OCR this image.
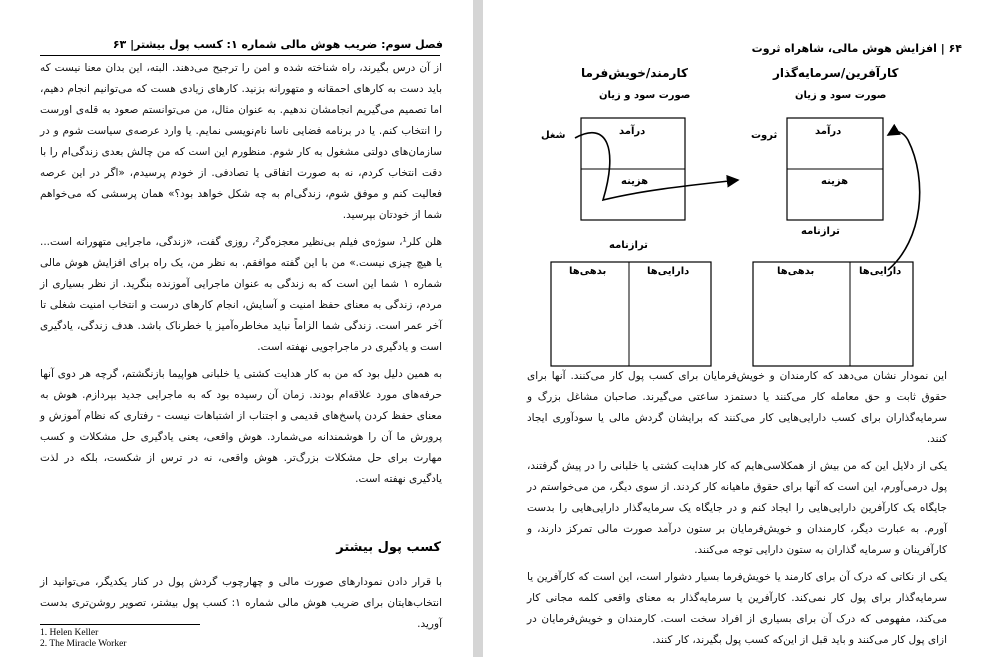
فصل سوم: ضریب هوش مالی شماره ۱: کسب پول بیشتر| ۶۳

از آن درس بگیرند، راه شناخته شده و امن را ترجیح می‌دهند. البته، این بدان معنا نیست که باید دست به کارهای احمقانه و متهورانه بزنید. کارهای زیادی هست که می‌توانیم انجام دهیم، اما تصمیم می‌گیریم انجامشان ندهیم. به عنوان مثال، من می‌توانستم صعود به قله‌ی اورست را انتخاب کنم. یا در برنامه فضایی ناسا نام‌نویسی نمایم. یا وارد عرصه‌ی سیاست شوم و در سازمان‌های دولتی مشغول به کار شوم. منظورم این است که من چالش بعدی زندگی‌ام را با دقت انتخاب کردم، نه به صورت اتفاقی یا تصادفی. از خودم پرسیدم، «اگر در این عرصه فعالیت کنم و موفق شوم، زندگی‌ام به چه شکل خواهد بود؟» همان پرسشی که می‌خواهم شما از خودتان بپرسید.

هلن کلر¹، سوژه‌ی فیلم بی‌نظیر معجزه‌گر²، روزی گفت، «زندگی، ماجرایی متهورانه است... یا هیچ چیزی نیست.» من با این گفته موافقم. به نظر من، یک راه برای افزایش هوش مالی شماره ۱ شما این است که به زندگی به عنوان ماجرایی آموزنده بنگرید. از نظر بسیاری از مردم، زندگی به معنای حفظ امنیت و آسایش، انجام کارهای درست و انتخاب امنیت شغلی تا آخر عمر است. زندگی شما الزاماً نباید مخاطره‌آمیز یا خطرناک باشد. هدف زندگی، یادگیری است و یادگیری در ماجراجویی نهفته است.

به همین دلیل بود که من به کار هدایت کشتی یا خلبانی هواپیما بازنگشتم، گرچه هر دوی آنها حرفه‌های مورد علاقه‌ام بودند. زمان آن رسیده بود که به ماجرایی جدید بپردازم. هوش به معنای حفظ کردن پاسخ‌های قدیمی و اجتناب از اشتباهات نیست - رفتاری که نظام آموزش و پرورش ما آن را هوشمندانه می‌شمارد. هوش واقعی، یعنی یادگیری حل مشکلات و کسب مهارت برای حل مشکلات بزرگ‌تر. هوش واقعی، نه در ترس از شکست، بلکه در لذت یادگیری نهفته است.

کسب پول بیشتر
با قرار دادن نمودارهای صورت مالی و چهارچوب گردش پول در کنار یکدیگر، می‌توانید از انتخاب‌هایتان برای ضریب هوش مالی شماره ۱: کسب پول بیشتر، تصویر روشن‌تری بدست آورید.
1. Helen Keller
2. The Miracle Worker
۶۴ | افزایش هوش مالی، شاهراه ثروت
کارمند/خویش‌فرما
صورت سود و زیان
کارآفرین/سرمایه‌گذار
صورت سود و زیان
شغل	ثروت
درآمد
هزینه
درآمد
هزینه
ترازنامه
ترازنامه
دارایی‌ها
بدهی‌ها	دارایی‌ها
بدهی‌ها

این نمودار نشان می‌دهد که کارمندان و خویش‌فرمایان برای کسب پول کار می‌کنند. آنها برای حقوق ثابت و حق معامله کار می‌کنند یا دستمزد ساعتی می‌گیرند. صاحبان مشاغل بزرگ و سرمایه‌گذاران برای کسب دارایی‌هایی کار می‌کنند که برایشان گردش مالی یا سودآوری ایجاد کنند.

یکی از دلایل این که من بیش از همکلاسی‌هایم که کار هدایت کشتی یا خلبانی را در پیش گرفتند، پول درمی‌آورم، این است که آنها برای حقوق ماهیانه کار کردند. از سوی دیگر، من می‌خواستم در جایگاه یک کارآفرین دارایی‌هایی را ایجاد کنم و در جایگاه یک سرمایه‌گذار دارایی‌هایی را بدست آورم. به عبارت دیگر، کارمندان و خویش‌فرمایان بر ستون درآمد صورت مالی تمرکز دارند، و کارآفرینان و سرمایه گذاران به ستون دارایی توجه می‌کنند.

یکی از نکاتی که درک آن برای کارمند یا خویش‌فرما بسیار دشوار است، این است که کارآفرین یا سرمایه‌گذار برای پول کار نمی‌کند. کارآفرین یا سرمایه‌گذار به معنای واقعی کلمه مجانی کار می‌کند، مفهومی که درک آن برای بسیاری از افراد سخت است. کارمندان و خویش‌فرمایان در ازای پول کار می‌کنند و باید قبل از این‌که کسب پول بگیرند، کار کنند.
